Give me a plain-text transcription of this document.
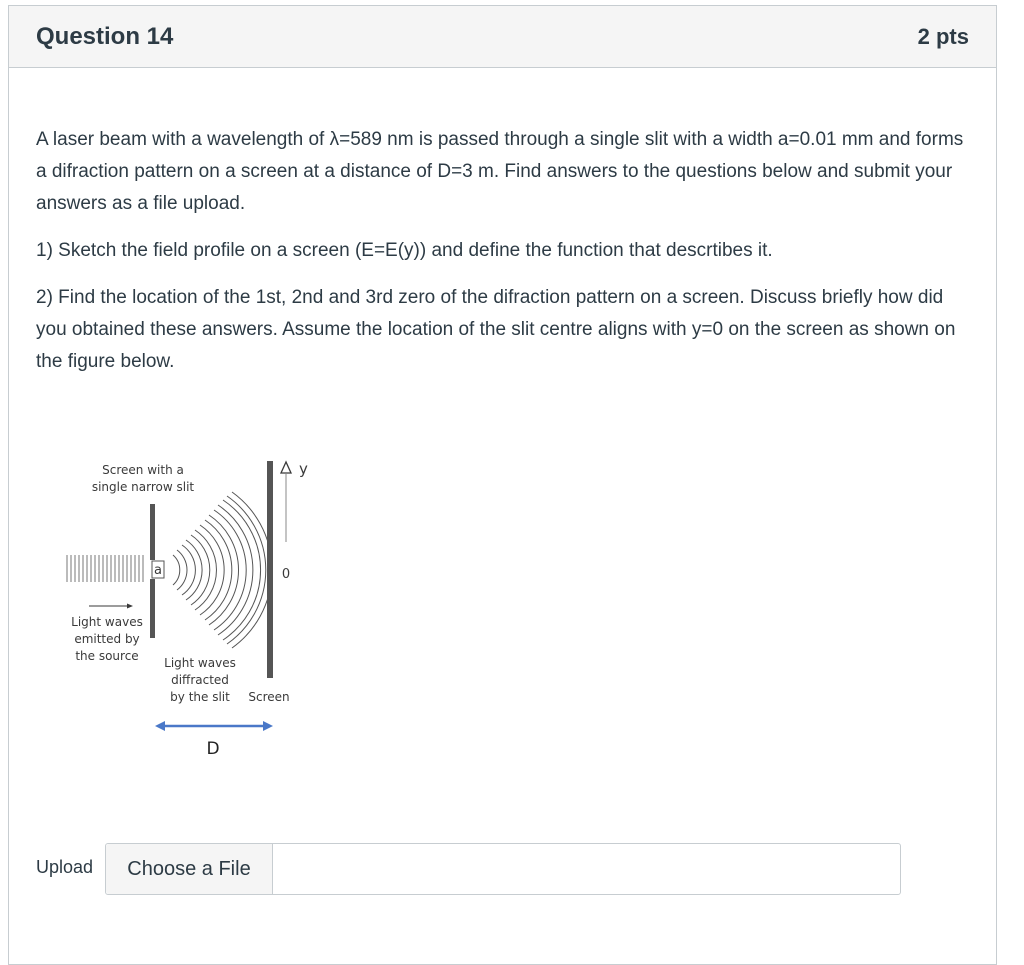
Question 14	2 pts

A laser beam with a wavelength of λ=589 nm is passed through a single slit with a width a=0.01 mm and forms a difraction pattern on a screen at a distance of D=3 m. Find answers to the questions below and submit your answers as a file upload.

1) Sketch the field profile on a screen (E=E(y)) and define the function that descrtibes it.

2) Find the location of the 1st, 2nd and 3rd zero of the difraction pattern on a screen. Discuss briefly how did you obtained these answers. Assume the location of the slit centre aligns with y=0 on the screen as shown on the figure below.

Screen with a
single narrow slit
a
y
0
Light waves
emitted by
the source Light waves
diffracted
by the slit Screen
D
Upload	Choose a File
